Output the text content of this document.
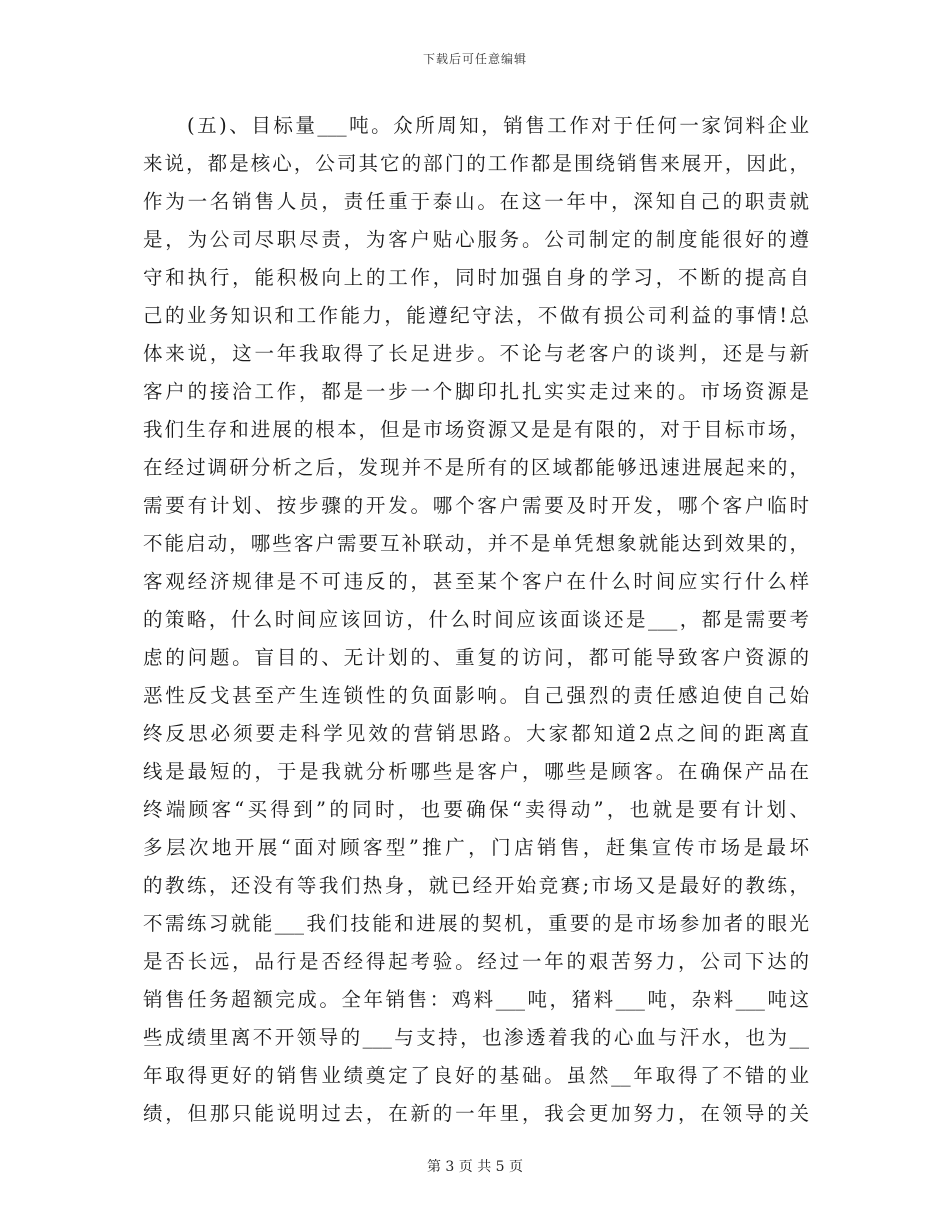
下载后可任意编辑
　　(五)、目标量___吨。众所周知，销售工作对于任何一家饲料企业
来说，都是核心，公司其它的部门的工作都是围绕销售来展开，因此，
作为一名销售人员，责任重于泰山。在这一年中，深知自己的职责就
是，为公司尽职尽责，为客户贴心服务。公司制定的制度能很好的遵
守和执行，能积极向上的工作，同时加强自身的学习，不断的提高自
己的业务知识和工作能力，能遵纪守法，不做有损公司利益的事情!总
体来说，这一年我取得了长足进步。不论与老客户的谈判，还是与新
客户的接洽工作，都是一步一个脚印扎扎实实走过来的。市场资源是
我们生存和进展的根本，但是市场资源又是是有限的，对于目标市场，
在经过调研分析之后，发现并不是所有的区域都能够迅速进展起来的，
需要有计划、按步骤的开发。哪个客户需要及时开发，哪个客户临时
不能启动，哪些客户需要互补联动，并不是单凭想象就能达到效果的，
客观经济规律是不可违反的，甚至某个客户在什么时间应实行什么样
的策略，什么时间应该回访，什么时间应该面谈还是___，都是需要考
虑的问题。盲目的、无计划的、重复的访问，都可能导致客户资源的
恶性反戈甚至产生连锁性的负面影响。自己强烈的责任感迫使自己始
终反思必须要走科学见效的营销思路。大家都知道2点之间的距离直
线是最短的，于是我就分析哪些是客户，哪些是顾客。在确保产品在
终端顾客“买得到”的同时，也要确保“卖得动”，也就是要有计划、
多层次地开展“面对顾客型”推广，门店销售，赶集宣传市场是最坏
的教练，还没有等我们热身，就已经开始竞赛;市场又是最好的教练，
不需练习就能___我们技能和进展的契机，重要的是市场参加者的眼光
是否长远，品行是否经得起考验。经过一年的艰苦努力，公司下达的
销售任务超额完成。全年销售：鸡料___吨，猪料___吨，杂料___吨这
些成绩里离不开领导的___与支持，也渗透着我的心血与汗水，也为__
年取得更好的销售业绩奠定了良好的基础。虽然__年取得了不错的业
绩，但那只能说明过去，在新的一年里，我会更加努力，在领导的关
第 3 页 共 5 页
